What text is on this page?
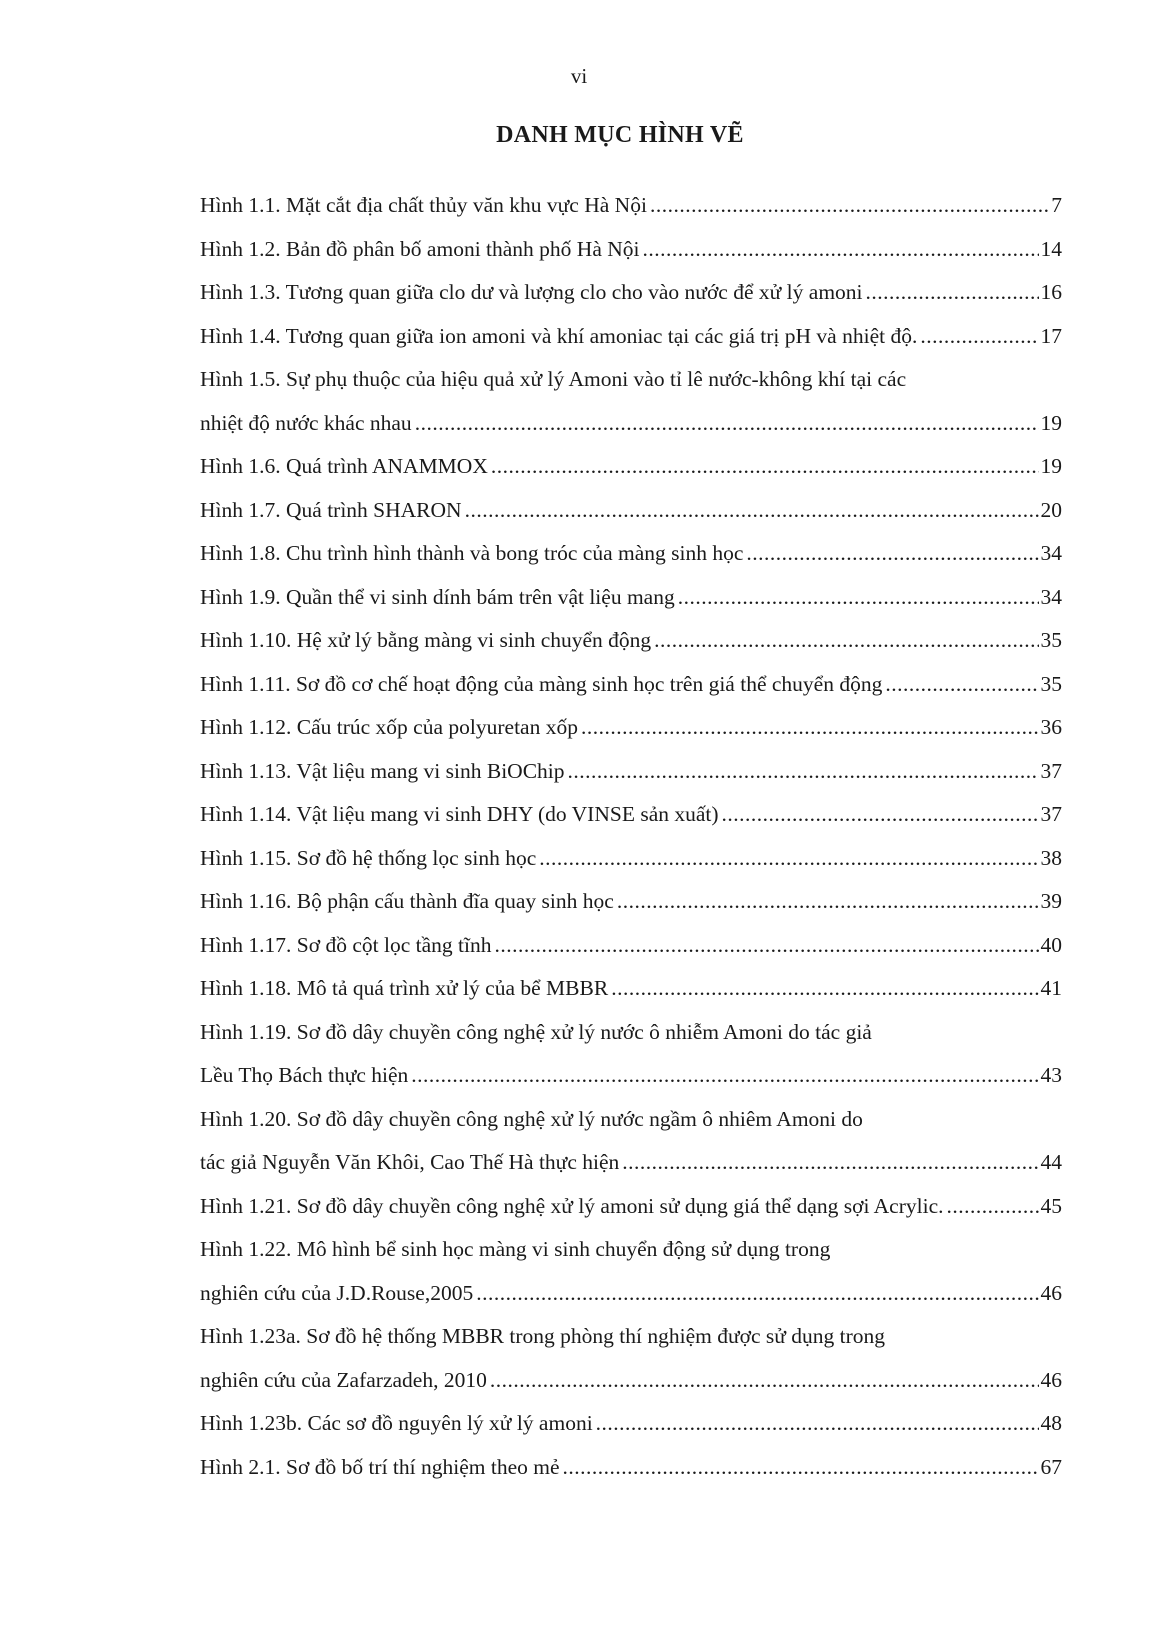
vi
DANH MỤC HÌNH VẼ
Hình 1.1. Mặt cắt địa chất thủy văn khu vực Hà Nội .....	7
Hình 1.2. Bản đồ phân bố amoni thành phố Hà Nội .....	14
Hình 1.3. Tương quan giữa clo dư và lượng clo cho vào nước để xử lý amoni .....	16
Hình 1.4. Tương quan giữa ion amoni và khí amoniac tại các giá trị pH và nhiệt độ. .....	17
Hình 1.5. Sự phụ thuộc của hiệu quả xử lý Amoni vào tỉ lê nước-không khí tại các
nhiệt độ nước khác nhau .....	19
Hình 1.6. Quá trình ANAMMOX .....	19
Hình 1.7. Quá trình SHARON .....	20
Hình 1.8. Chu trình hình thành và bong tróc của màng sinh học .....	34
Hình 1.9. Quần thể vi sinh dính bám trên vật liệu mang .....	34
Hình 1.10. Hệ xử lý bằng màng vi sinh chuyển động .....	35
Hình 1.11. Sơ đồ cơ chế hoạt động của màng sinh học trên giá thể chuyển động .....	35
Hình 1.12. Cấu trúc xốp của polyuretan xốp .....	36
Hình 1.13. Vật liệu mang vi sinh BiOChip .....	37
Hình 1.14. Vật liệu mang vi sinh DHY (do VINSE sản xuất) .....	37
Hình 1.15. Sơ đồ hệ thống lọc sinh học .....	38
Hình 1.16. Bộ phận cấu thành đĩa quay sinh học .....	39
Hình 1.17. Sơ đồ cột lọc tầng tĩnh .....	40
Hình 1.18. Mô tả quá trình xử lý của bể MBBR .....	41
Hình 1.19. Sơ đồ dây chuyền công nghệ xử lý nước ô nhiễm Amoni do tác giả
Lều Thọ Bách thực hiện .....	43
Hình 1.20. Sơ đồ dây chuyền công nghệ xử lý nước ngầm ô nhiêm Amoni do
tác giả Nguyễn Văn Khôi, Cao Thế Hà thực hiện .....	44
Hình 1.21. Sơ đồ dây chuyền công nghệ xử lý amoni sử dụng giá thể dạng sợi Acrylic. .....	45
Hình 1.22. Mô hình bể sinh học màng vi sinh chuyển động sử dụng trong
nghiên cứu của J.D.Rouse,2005 .....	46
Hình 1.23a. Sơ đồ hệ thống MBBR trong phòng thí nghiệm được sử dụng trong
nghiên cứu của Zafarzadeh, 2010 .....	46
Hình 1.23b. Các sơ đồ nguyên lý xử lý amoni .....	48
Hình 2.1. Sơ đồ bố trí thí nghiệm theo mẻ .....	67
